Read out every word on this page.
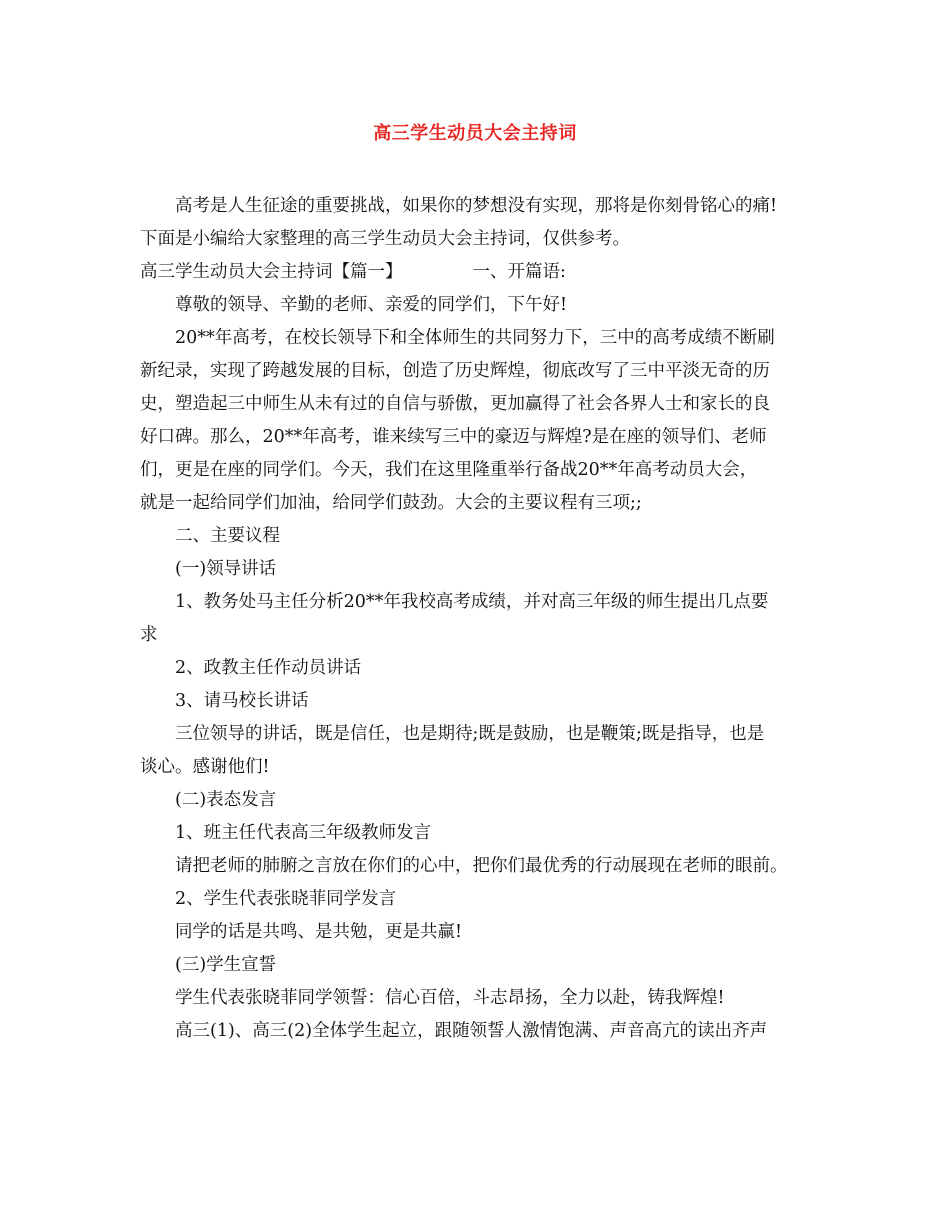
高三学生动员大会主持词

高考是人生征途的重要挑战，如果你的梦想没有实现，那将是你刻骨铭心的痛!

下面是小编给大家整理的高三学生动员大会主持词，仅供参考。

高三学生动员大会主持词【篇一】	一、开篇语:

尊敬的领导、辛勤的老师、亲爱的同学们，下午好!

20**年高考，在校长领导下和全体师生的共同努力下，三中的高考成绩不断刷

新纪录，实现了跨越发展的目标，创造了历史辉煌，彻底改写了三中平淡无奇的历

史，塑造起三中师生从未有过的自信与骄傲，更加赢得了社会各界人士和家长的良

好口碑。那么，20**年高考，谁来续写三中的豪迈与辉煌?是在座的领导们、老师

们，更是在座的同学们。今天，我们在这里隆重举行备战20**年高考动员大会，

就是一起给同学们加油，给同学们鼓劲。大会的主要议程有三项;;

二、主要议程

(一)领导讲话

1、教务处马主任分析20**年我校高考成绩，并对高三年级的师生提出几点要

求

2、政教主任作动员讲话

3、请马校长讲话

三位领导的讲话，既是信任，也是期待;既是鼓励，也是鞭策;既是指导，也是

谈心。感谢他们!

(二)表态发言

1、班主任代表高三年级教师发言

请把老师的肺腑之言放在你们的心中，把你们最优秀的行动展现在老师的眼前。

2、学生代表张晓菲同学发言

同学的话是共鸣、是共勉，更是共赢!

(三)学生宣誓

学生代表张晓菲同学领誓：信心百倍，斗志昂扬，全力以赴，铸我辉煌!

高三(1)、高三(2)全体学生起立，跟随领誓人激情饱满、声音高亢的读出齐声
